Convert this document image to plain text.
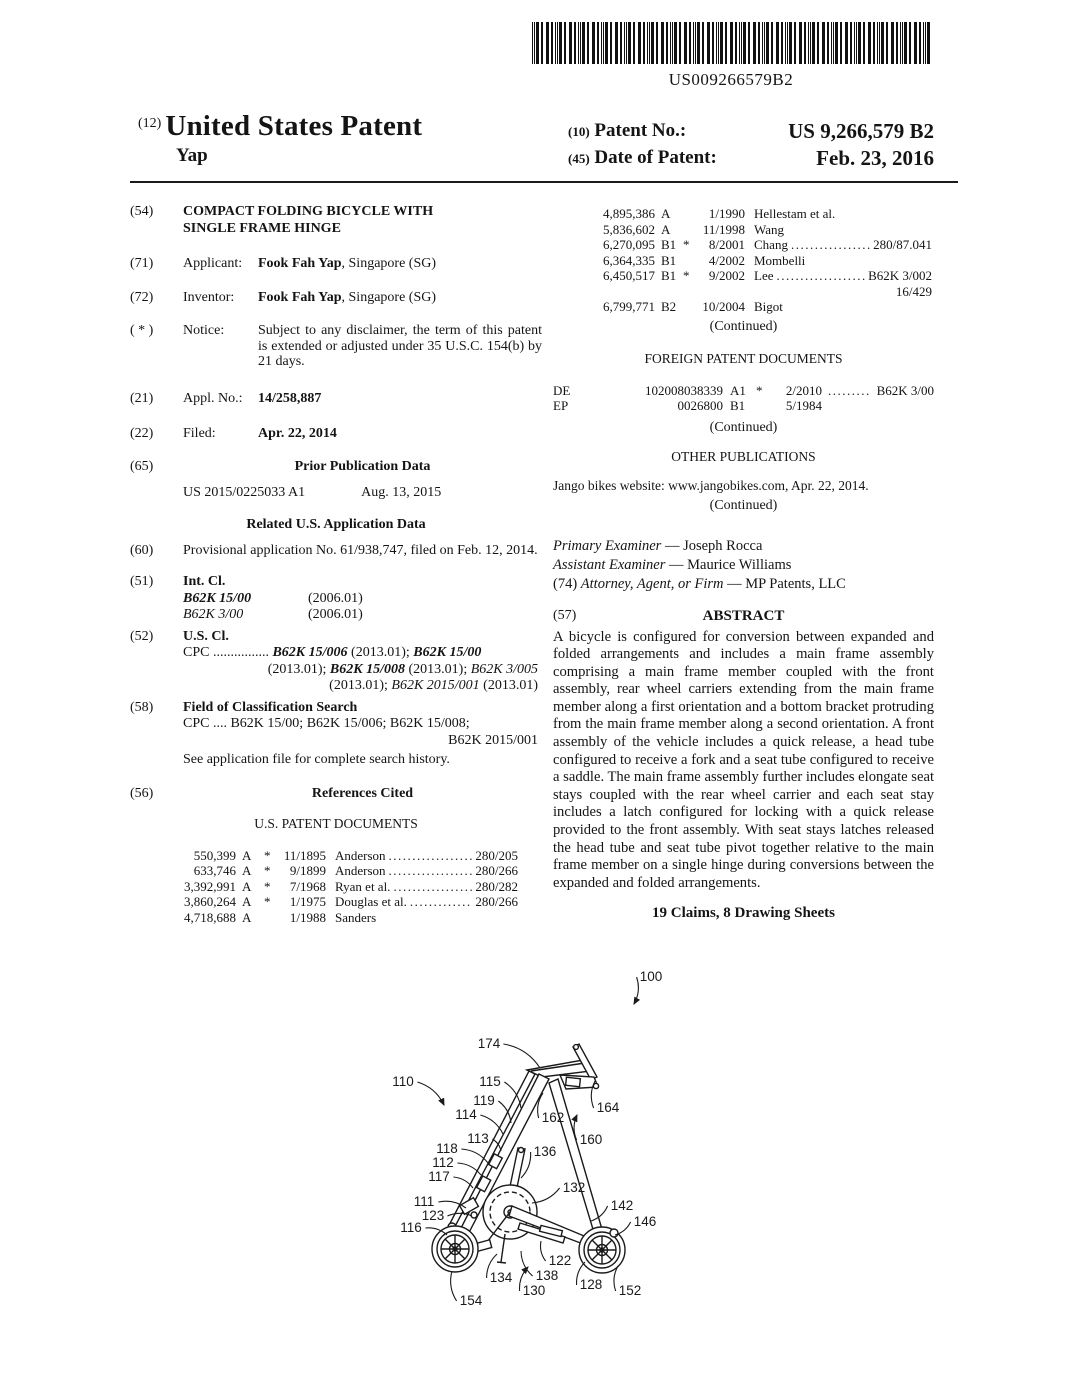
US009266579B2
(12) United States Patent
Yap
(10) Patent No.:	US 9,266,579 B2
(45) Date of Patent:	Feb. 23, 2016
(54)	COMPACT FOLDING BICYCLE WITH
SINGLE FRAME HINGE
(71)	Applicant:	Fook Fah Yap, Singapore (SG)
(72)	Inventor:	Fook Fah Yap, Singapore (SG)
( * )	Notice:	Subject to any disclaimer, the term of this patent is extended or adjusted under 35 U.S.C. 154(b) by 21 days.
(21)	Appl. No.:	14/258,887
(22)	Filed:	Apr. 22, 2014
(65)	Prior Publication Data
US 2015/0225033 A1	Aug. 13, 2015
Related U.S. Application Data
(60)	Provisional application No. 61/938,747, filed on Feb. 12, 2014.
(51)	Int. Cl.
B62K 15/00	(2006.01)
B62K 3/00	(2006.01)
(52)	U.S. Cl.
CPC ................ B62K 15/006 (2013.01); B62K 15/00
(2013.01); B62K 15/008 (2013.01); B62K 3/005
(2013.01); B62K 2015/001 (2013.01)
(58)	Field of Classification Search
CPC .... B62K 15/00; B62K 15/006; B62K 15/008;
B62K 2015/001
See application file for complete search history.
(56)	References Cited
U.S. PATENT DOCUMENTS
550,399 A *	11/1895 Anderson .....	280/205
633,746 A *	9/1899 Anderson .....	280/266
3,392,991 A *	7/1968 Ryan et al. .....	280/282
3,860,264 A *	1/1975 Douglas et al. .....	280/266
4,718,688 A	1/1988 Sanders
4,895,386 A	1/1990 Hellestam et al.
5,836,602 A	11/1998 Wang
6,270,095 B1 *	8/2001 Chang .....	280/87.041
6,364,335 B1	4/2002 Mombelli
6,450,517 B1 *	9/2002 Lee .....	B62K 3/002
16/429
6,799,771 B2	10/2004 Bigot
(Continued)
FOREIGN PATENT DOCUMENTS
DE	102008038339 A1 *	2/2010 .....	B62K 3/00
EP	0026800 B1	5/1984
(Continued)
OTHER PUBLICATIONS
Jango bikes website: www.jangobikes.com, Apr. 22, 2014.
(Continued)
Primary Examiner — Joseph Rocca
Assistant Examiner — Maurice Williams
(74) Attorney, Agent, or Firm — MP Patents, LLC
(57)	ABSTRACT
A bicycle is configured for conversion between expanded and folded arrangements and includes a main frame assembly comprising a main frame member coupled with the front assembly, rear wheel carriers extending from the main frame member along a first orientation and a bottom bracket protruding from the main frame member along a second orientation. A front assembly of the vehicle includes a quick release, a head tube configured to receive a fork and a seat tube configured to receive a saddle. The main frame assembly further includes elongate seat stays coupled with the rear wheel carrier and each seat stay includes a latch configured for locking with a quick release provided to the front assembly. With seat stays latches released the head tube and seat tube pivot together relative to the main frame member on a single hinge during conversions between the expanded and folded arrangements.
19 Claims, 8 Drawing Sheets
100
174
110	115
119
114	162
164
160
113
118
112
117
136
111
123
116
132
142
146
122
138
134
130	128 152
154
